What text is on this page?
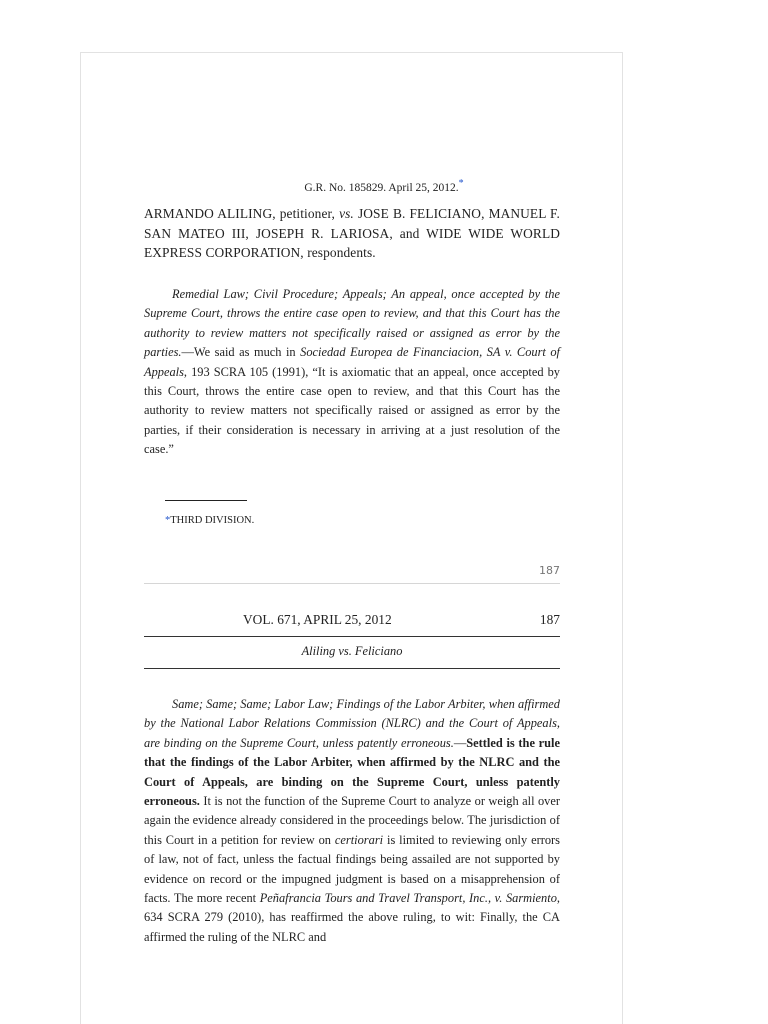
G.R. No. 185829. April 25, 2012.*
ARMANDO ALILING, petitioner, vs. JOSE B. FELICIANO, MANUEL F. SAN MATEO III, JOSEPH R. LARIOSA, and WIDE WIDE WORLD EXPRESS CORPORATION, respondents.
Remedial Law; Civil Procedure; Appeals; An appeal, once accepted by the Supreme Court, throws the entire case open to review, and that this Court has the authority to review matters not specifically raised or assigned as error by the parties.—We said as much in Sociedad Europea de Financiacion, SA v. Court of Appeals, 193 SCRA 105 (1991), “It is axiomatic that an appeal, once accepted by this Court, throws the entire case open to review, and that this Court has the authority to review matters not specifically raised or assigned as error by the parties, if their consideration is necessary in arriving at a just resolution of the case.”
*THIRD DIVISION.
187
VOL. 671, APRIL 25, 2012	187
Aliling vs. Feliciano
Same; Same; Same; Labor Law; Findings of the Labor Arbiter, when affirmed by the National Labor Relations Commission (NLRC) and the Court of Appeals, are binding on the Supreme Court, unless patently erroneous.—Settled is the rule that the findings of the Labor Arbiter, when affirmed by the NLRC and the Court of Appeals, are binding on the Supreme Court, unless patently erroneous. It is not the function of the Supreme Court to analyze or weigh all over again the evidence already considered in the proceedings below. The jurisdiction of this Court in a petition for review on certiorari is limited to reviewing only errors of law, not of fact, unless the factual findings being assailed are not supported by evidence on record or the impugned judgment is based on a misapprehension of facts. The more recent Peñafrancia Tours and Travel Transport, Inc., v. Sarmiento, 634 SCRA 279 (2010), has reaffirmed the above ruling, to wit: Finally, the CA affirmed the ruling of the NLRC and
